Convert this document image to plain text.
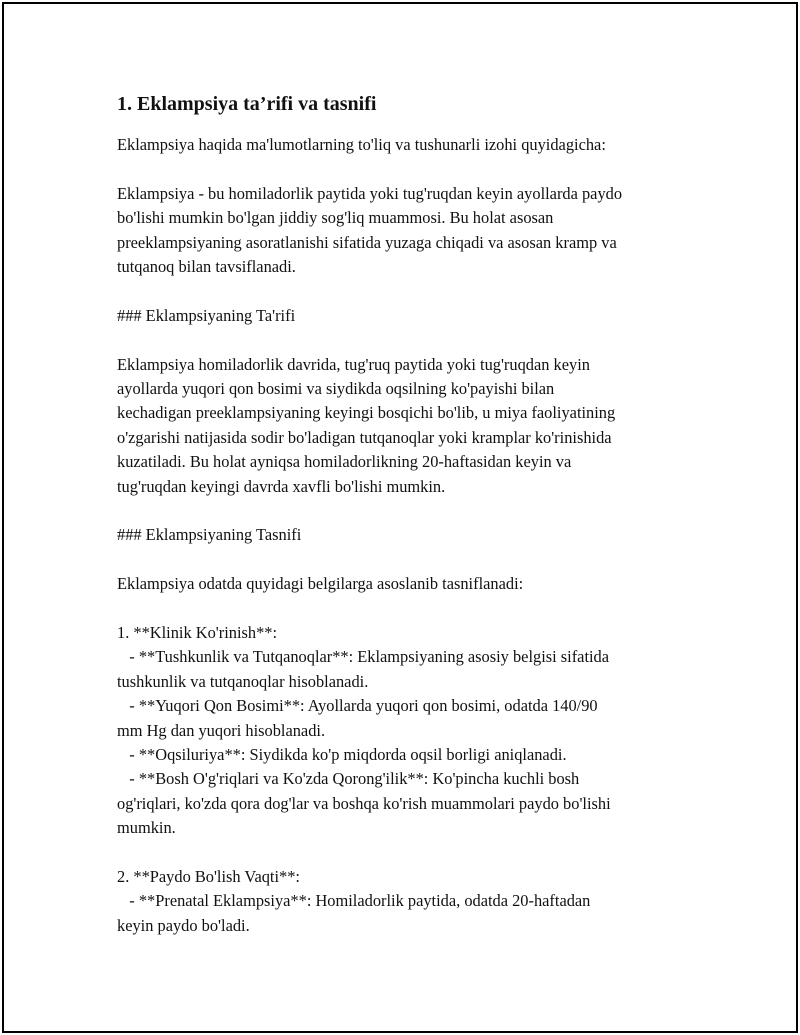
1. Eklampsiya ta’rifi va tasnifi
Eklampsiya haqida ma'lumotlarning to'liq va tushunarli izohi quyidagicha:
Eklampsiya - bu homiladorlik paytida yoki tug'ruqdan keyin ayollarda paydo
bo'lishi mumkin bo'lgan jiddiy sog'liq muammosi. Bu holat asosan
preeklampsiyaning asoratlanishi sifatida yuzaga chiqadi va asosan kramp va
tutqanoq bilan tavsiflanadi.
### Eklampsiyaning Ta'rifi
Eklampsiya homiladorlik davrida, tug'ruq paytida yoki tug'ruqdan keyin
ayollarda yuqori qon bosimi va siydikda oqsilning ko'payishi bilan
kechadigan preeklampsiyaning keyingi bosqichi bo'lib, u miya faoliyatining
o'zgarishi natijasida sodir bo'ladigan tutqanoqlar yoki kramplar ko'rinishida
kuzatiladi. Bu holat ayniqsa homiladorlikning 20-haftasidan keyin va
tug'ruqdan keyingi davrda xavfli bo'lishi mumkin.
### Eklampsiyaning Tasnifi
Eklampsiya odatda quyidagi belgilarga asoslanib tasniflanadi:
1. **Klinik Ko'rinish**:
- **Tushkunlik va Tutqanoqlar**: Eklampsiyaning asosiy belgisi sifatida
tushkunlik va tutqanoqlar hisoblanadi.
- **Yuqori Qon Bosimi**: Ayollarda yuqori qon bosimi, odatda 140/90
mm Hg dan yuqori hisoblanadi.
- **Oqsiluriya**: Siydikda ko'p miqdorda oqsil borligi aniqlanadi.
- **Bosh O'g'riqlari va Ko'zda Qorong'ilik**: Ko'pincha kuchli bosh
og'riqlari, ko'zda qora dog'lar va boshqa ko'rish muammolari paydo bo'lishi
mumkin.
2. **Paydo Bo'lish Vaqti**:
- **Prenatal Eklampsiya**: Homiladorlik paytida, odatda 20-haftadan
keyin paydo bo'ladi.
